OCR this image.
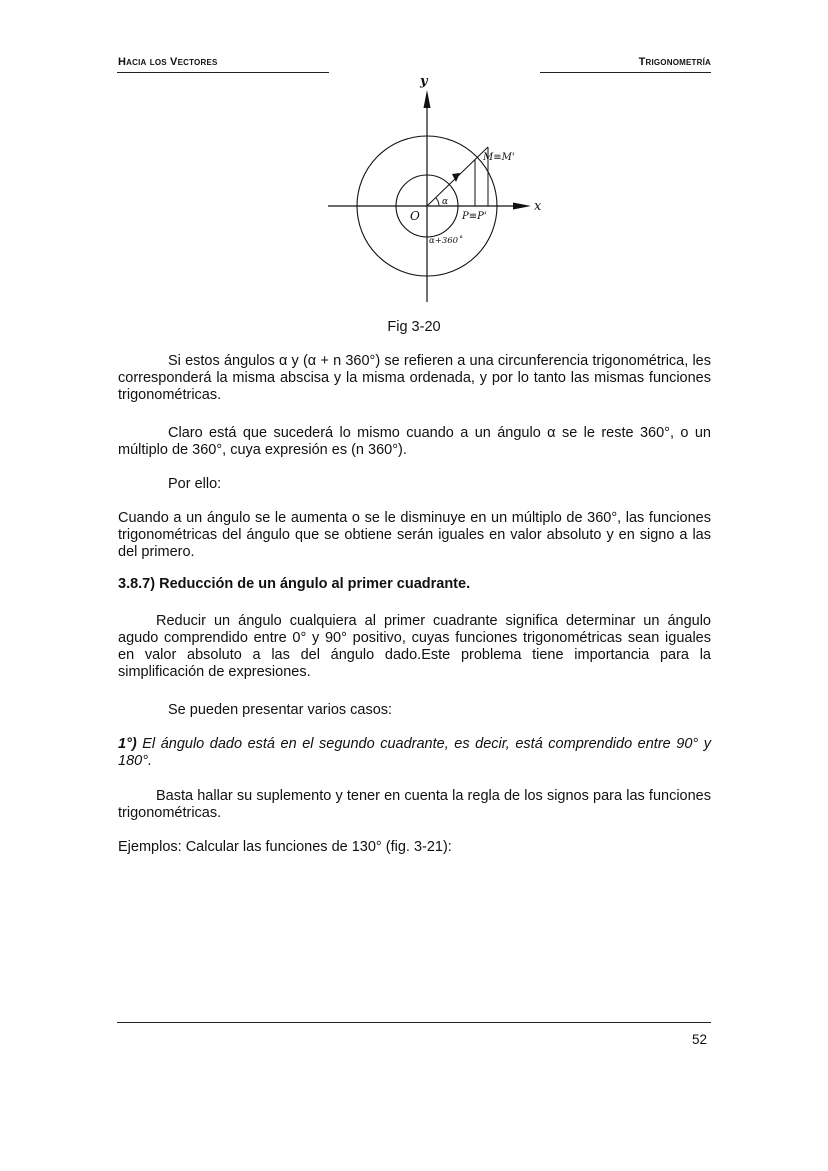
Hacia los Vectores	Trigonometría
y
x
O
α
M≡M'
P≡P'
α+360˚
Fig 3-20
Si estos ángulos α y (α + n 360°) se refieren a una circunferencia trigonométrica, les corresponderá la misma abscisa y la misma ordenada, y por lo tanto las mismas funciones trigonométricas.
Claro está que sucederá lo mismo cuando a un ángulo α se le reste 360°, o un múltiplo de 360°, cuya expresión es (n 360°).
Por ello:
Cuando a un ángulo se le aumenta o se le disminuye en un múltiplo de 360°, las funciones trigonométricas del ángulo que se obtiene serán iguales en valor absoluto y en signo a las del primero.
3.8.7) Reducción de un ángulo al primer cuadrante.
Reducir un ángulo cualquiera al primer cuadrante significa determinar un ángulo agudo comprendido entre 0° y 90° positivo, cuyas funciones trigonométricas sean iguales en valor absoluto a las del ángulo dado.Este problema tiene importancia para la simplificación de expresiones.
Se pueden presentar varios casos:
1°) El ángulo dado está en el segundo cuadrante, es decir, está comprendido entre 90° y 180°.
Basta hallar su suplemento y tener en cuenta la regla de los signos para las funciones trigonométricas.
Ejemplos: Calcular las funciones de 130° (fig. 3-21):
52
